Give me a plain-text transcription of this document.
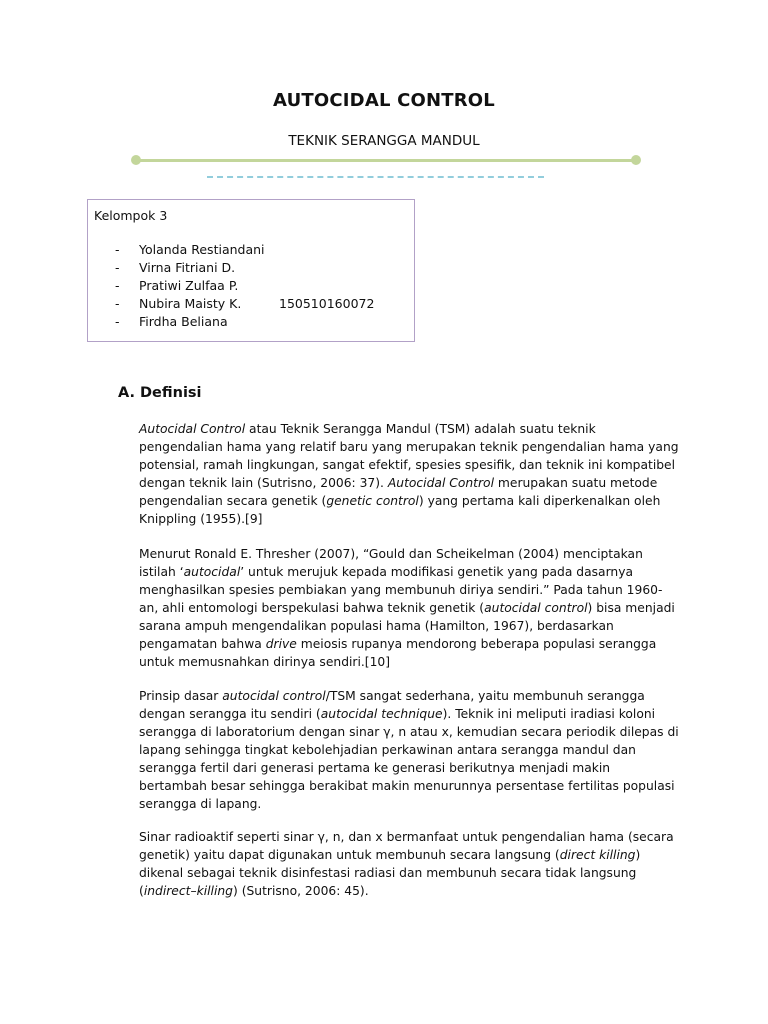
AUTOCIDAL CONTROL
TEKNIK SERANGGA MANDUL
Kelompok 3
- Yolanda Restiandani
- Virna Fitriani D.
- Pratiwi Zulfaa P.
- Nubira Maisty K.	150510160072
- Firdha Beliana
A. Definisi

Autocidal Control atau Teknik Serangga Mandul (TSM) adalah suatu teknik pengendalian hama yang relatif baru yang merupakan teknik pengendalian hama yang potensial, ramah lingkungan, sangat efektif, spesies spesifik, dan teknik ini kompatibel dengan teknik lain (Sutrisno, 2006: 37). Autocidal Control merupakan suatu metode pengendalian secara genetik (genetic control) yang pertama kali diperkenalkan oleh Knippling (1955).[9]

Menurut Ronald E. Thresher (2007), “Gould dan Scheikelman (2004) menciptakan istilah ‘autocidal’ untuk merujuk kepada modifikasi genetik yang pada dasarnya menghasilkan spesies pembiakan yang membunuh diriya sendiri.” Pada tahun 1960-an, ahli entomologi berspekulasi bahwa teknik genetik (autocidal control) bisa menjadi sarana ampuh mengendalikan populasi hama (Hamilton, 1967), berdasarkan pengamatan bahwa drive meiosis rupanya mendorong beberapa populasi serangga untuk memusnahkan dirinya sendiri.[10]

Prinsip dasar autocidal control/TSM sangat sederhana, yaitu membunuh serangga dengan serangga itu sendiri (autocidal technique). Teknik ini meliputi iradiasi koloni serangga di laboratorium dengan sinar γ, n atau x, kemudian secara periodik dilepas di lapang sehingga tingkat kebolehjadian perkawinan antara serangga mandul dan serangga fertil dari generasi pertama ke generasi berikutnya menjadi makin bertambah besar sehingga berakibat makin menurunnya persentase fertilitas populasi serangga di lapang.

Sinar radioaktif seperti sinar γ, n, dan x bermanfaat untuk pengendalian hama (secara genetik) yaitu dapat digunakan untuk membunuh secara langsung (direct killing) dikenal sebagai teknik disinfestasi radiasi dan membunuh secara tidak langsung (indirect–killing) (Sutrisno, 2006: 45).
